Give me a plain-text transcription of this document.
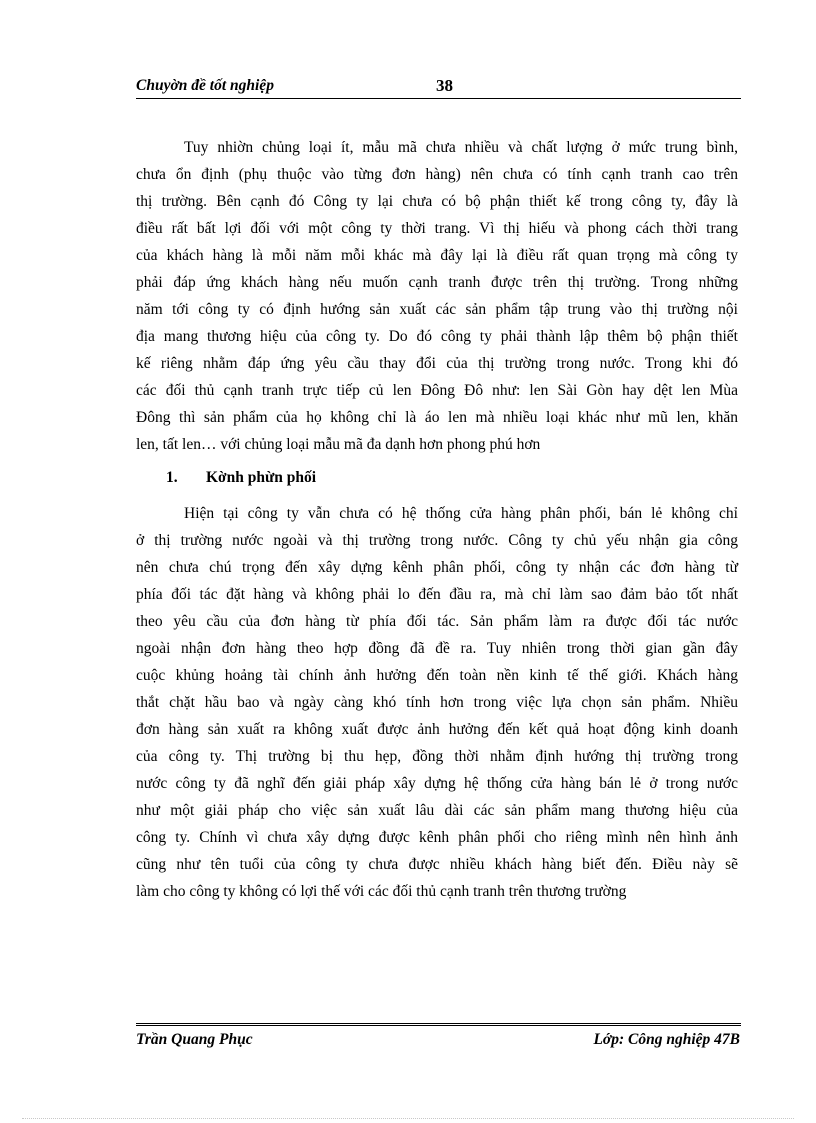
Chuyờn đề tốt nghiệp	38
Tuy nhiờn chủng loại ít, mẫu mã chưa nhiều và chất lượng ở mức trung bình,
chưa ổn định (phụ thuộc vào từng đơn hàng) nên chưa có tính cạnh tranh cao trên
thị trường. Bên cạnh đó Công ty lại chưa có bộ phận thiết kế trong công ty, đây là
điều rất bất lợi đối với một công ty thời trang. Vì thị hiếu và phong cách thời trang
của khách hàng là mỗi năm mỗi khác mà đây lại là điều rất quan trọng mà công ty
phải đáp ứng khách hàng nếu muốn cạnh tranh được trên thị trường. Trong những
năm tới công ty có định hướng sản xuất các sản phẩm tập trung vào thị trường nội
địa mang thương hiệu của công ty. Do đó công ty phải thành lập thêm bộ phận thiết
kế riêng nhằm đáp ứng yêu cầu thay đổi của thị trường trong nước. Trong khi đó
các đối thủ cạnh tranh trực tiếp củ len Đông Đô như: len Sài Gòn hay dệt len Mùa
Đông thì sản phẩm của họ không chỉ là áo len mà nhiều loại khác như mũ len, khăn
len, tất len… với chủng loại mẫu mã đa dạnh hơn phong phú hơn
1. Kờnh phừn phối
Hiện tại công ty vẫn chưa có hệ thống cửa hàng phân phối, bán lẻ không chỉ
ở thị trường nước ngoài và thị trường trong nước. Công ty chủ yếu nhận gia công
nên chưa chú trọng đến xây dựng kênh phân phối, công ty nhận các đơn hàng từ
phía đối tác đặt hàng và không phải lo đến đầu ra, mà chỉ làm sao đảm bảo tốt nhất
theo yêu cầu của đơn hàng từ phía đối tác. Sản phẩm làm ra được đối tác nước
ngoài nhận đơn hàng theo hợp đồng đã đề ra. Tuy nhiên trong thời gian gần đây
cuộc khủng hoảng tài chính ảnh hưởng đến toàn nền kinh tế thế giới. Khách hàng
thắt chặt hầu bao và ngày càng khó tính hơn trong việc lựa chọn sản phẩm. Nhiều
đơn hàng sản xuất ra không xuất được ảnh hưởng đến kết quả hoạt động kinh doanh
của công ty. Thị trường bị thu hẹp, đồng thời nhằm định hướng thị trường trong
nước công ty đã nghĩ đến giải pháp xây dựng hệ thống cửa hàng bán lẻ ở trong nước
như một giải pháp cho việc sản xuất lâu dài các sản phẩm mang thương hiệu của
công ty. Chính vì chưa xây dựng được kênh phân phối cho riêng mình nên hình ảnh
cũng như tên tuổi của công ty chưa được nhiều khách hàng biết đến. Điều này sẽ
làm cho công ty không có lợi thế với các đối thủ cạnh tranh trên thương trường
Trần Quang Phục	Lớp: Công nghiệp 47B
